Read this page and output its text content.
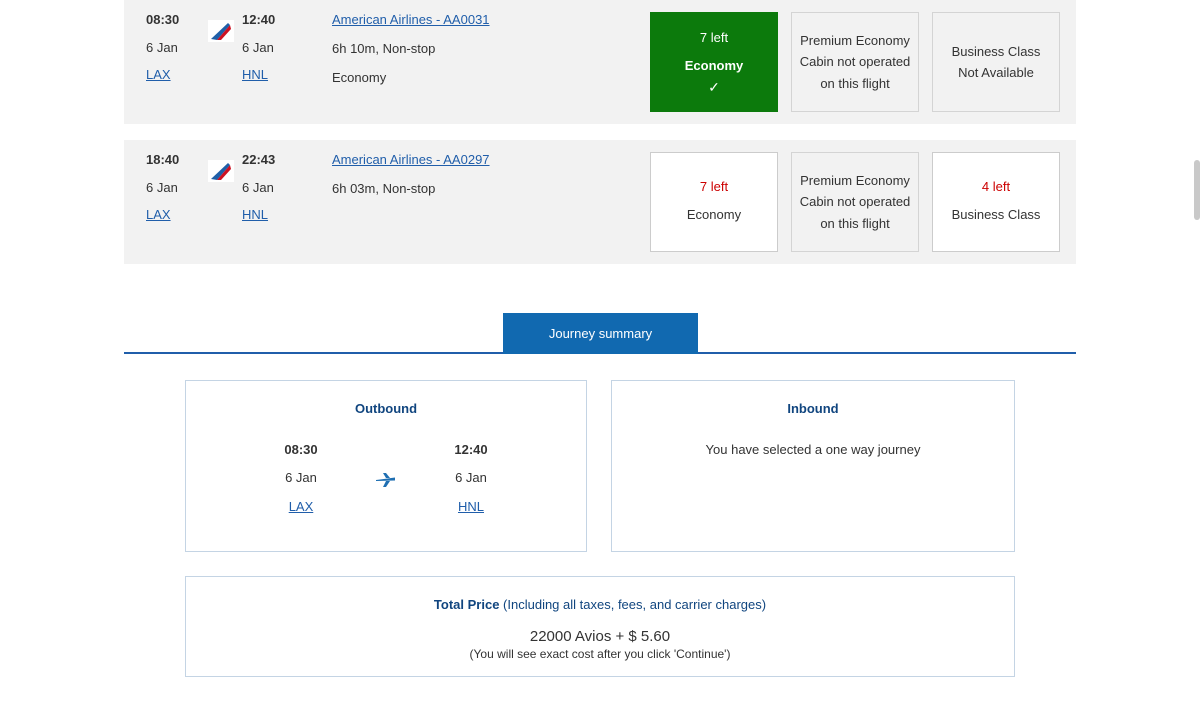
08:30
6 Jan
LAX
12:40
6 Jan
HNL
American Airlines - AA0031
6h 10m, Non-stop
Economy
7 left
Economy
✓
Premium Economy
Cabin not operated
on this flight
Business Class
Not Available
18:40
6 Jan
LAX
22:43
6 Jan
HNL
American Airlines - AA0297
6h 03m, Non-stop	7 left
Economy
Premium Economy
Cabin not operated
on this flight
4 left
Business Class
Journey summary
Outbound
08:30
6 Jan
LAX
12:40
6 Jan
HNL
Inbound
You have selected a one way journey
Total Price (Including all taxes, fees, and carrier charges)
22000 Avios + $ 5.60
(You will see exact cost after you click 'Continue')
